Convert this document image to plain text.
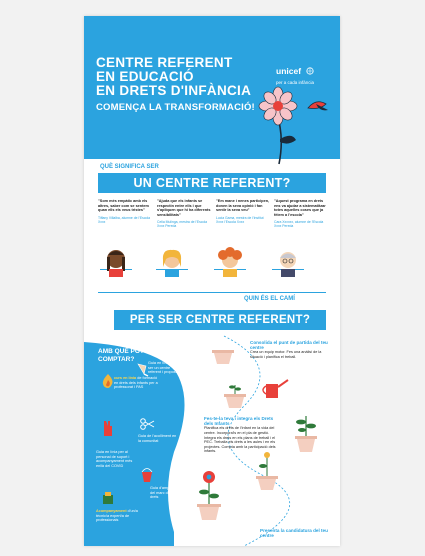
CENTRE REFERENT
EN EDUCACIÓ
EN DRETS D'INFÀNCIA
COMENÇA LA TRANSFORMACIÓ!
unicef
per a cada infància
QUÈ SIGNIFICA SER
UN CENTRE REFERENT?
"Som més empàtic amb els altres, saber com se sentem quan ells els veus tristes"
Tiffany Villalba, alumne de l'Escola Xxxx
"Ajuda que els infants se respectin entre ells i que s'apliquen que hi ha diferents sensibilitats"
Celia Mulinga, mestra de l'Escola Xxxx Pereda
"Em mane i nenes participen, donen la seva opinió i fan sentir la seva veu"
Lucia Gama, mestra de l'Institut Xxxx l'Escola Xxxx
"Aquest programa en drets ens va ajudar a sistematitzar totes aquelles coses que ja fèiem a l'escola"
Cara Xxxxxx, alumne de l'Escola Xxxx Pereda
QUIN ÉS EL CAMÍ
PER SER CENTRE REFERENT?
AMB QUÈ POTS
COMPTAR?
curs en línia de formació en drets dels infants per a professorat i PAS
Guia en línia per ser un centre referent i propostes
Guia de l'acolliment en la comunitat
Guia en línia per al personal de suport i acompanyament més enllà del COVID
Guia d'ampliació del marc dels drets
Acompanyament d'un/a tècnic/a expert/a de professionals
Consolida el punt de partida del teu centre
Crea un equip motor. Fes una anàlisi de la situació i planifica el treball.
Fes-te-la teva i integra els Drets dels Infants
Planifica els drets de l'infant en la vida del centre. Incorpora'ls en el pla de gestió. Integra els drets en els plans de treball i el PEC. Treballa els drets a les aules i en els projectes. Compta amb la participació dels infants.
Presenta la candidatura del teu centre
